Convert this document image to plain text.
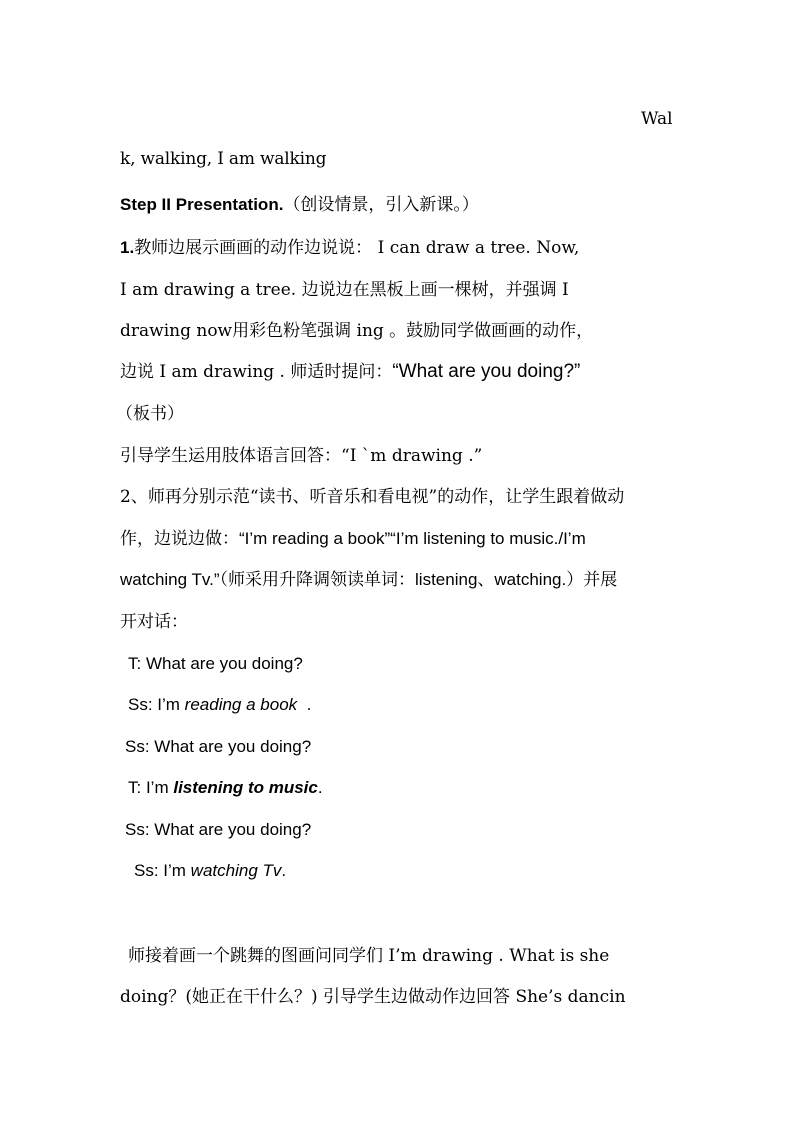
Wal
k, walking, I am walking
Step II Presentation.（创设情景，引入新课。）
1.教师边展示画画的动作边说说： I can draw a tree. Now,
I am drawing a tree. 边说边在黑板上画一棵树，并强调 I
drawing now用彩色粉笔强调 ing 。鼓励同学做画画的动作，
边说 I am drawing . 师适时提问：“What are you doing?”
（板书）
引导学生运用肢体语言回答：“I `m drawing .”
2、师再分别示范“读书、听音乐和看电视”的动作，让学生跟着做动
作，边说边做：“I’m reading a book”“I’m listening to music./I’m
watching Tv.”（师采用升降调领读单词：listening、watching.）并展
开对话：
T: What are you doing?
Ss: I’m reading a book  .
Ss: What are you doing?
T: I’m listening to music.
Ss: What are you doing?
Ss: I’m watching Tv.
师接着画一个跳舞的图画问同学们 I’m drawing . What is she
doing？(她正在干什么？) 引导学生边做动作边回答 She’s dancin
